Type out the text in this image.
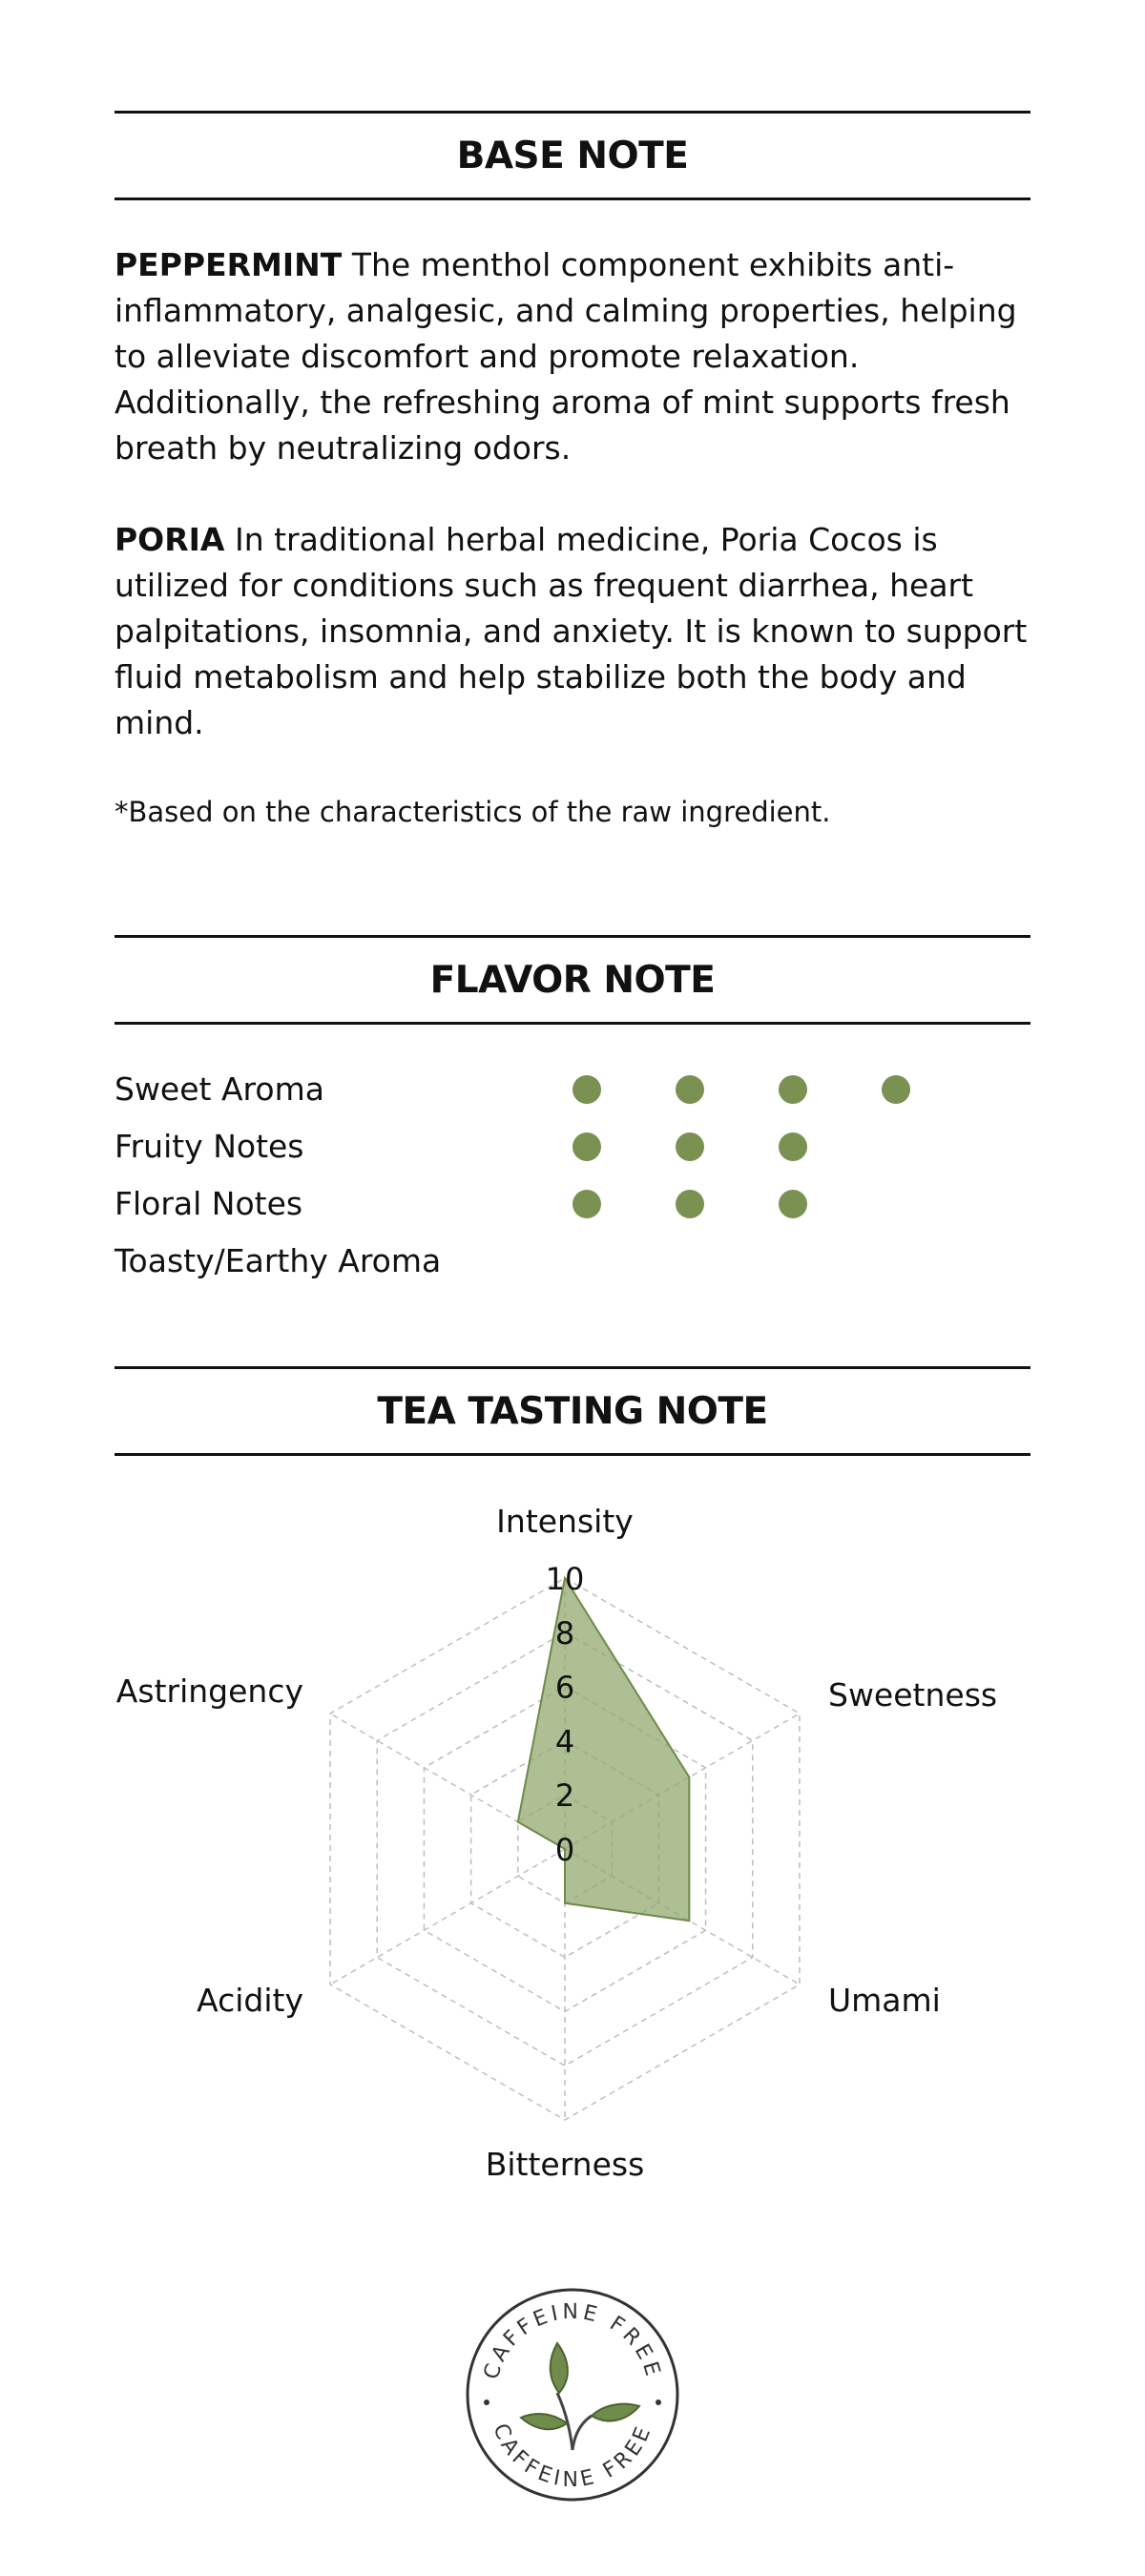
BASE NOTE

PEPPERMINT The menthol component exhibits anti-inflammatory, analgesic, and calming properties, helping to alleviate discomfort and promote relaxation. Additionally, the refreshing aroma of mint supports fresh breath by neutralizing odors.

PORIA In traditional herbal medicine, Poria Cocos is utilized for conditions such as frequent diarrhea, heart palpitations, insomnia, and anxiety. It is known to support fluid metabolism and help stabilize both the body and mind.

*Based on the characteristics of the raw ingredient.

FLAVOR NOTE
Sweet Aroma
Fruity Notes
Floral Notes
Toasty/Earthy Aroma
TEA TASTING NOTE
0
2
4
6
8
10
Intensity
Sweetness
Umami
Bitterness
Acidity
Astringency
CAFFEINE FREE
CAFFEINE FREE
